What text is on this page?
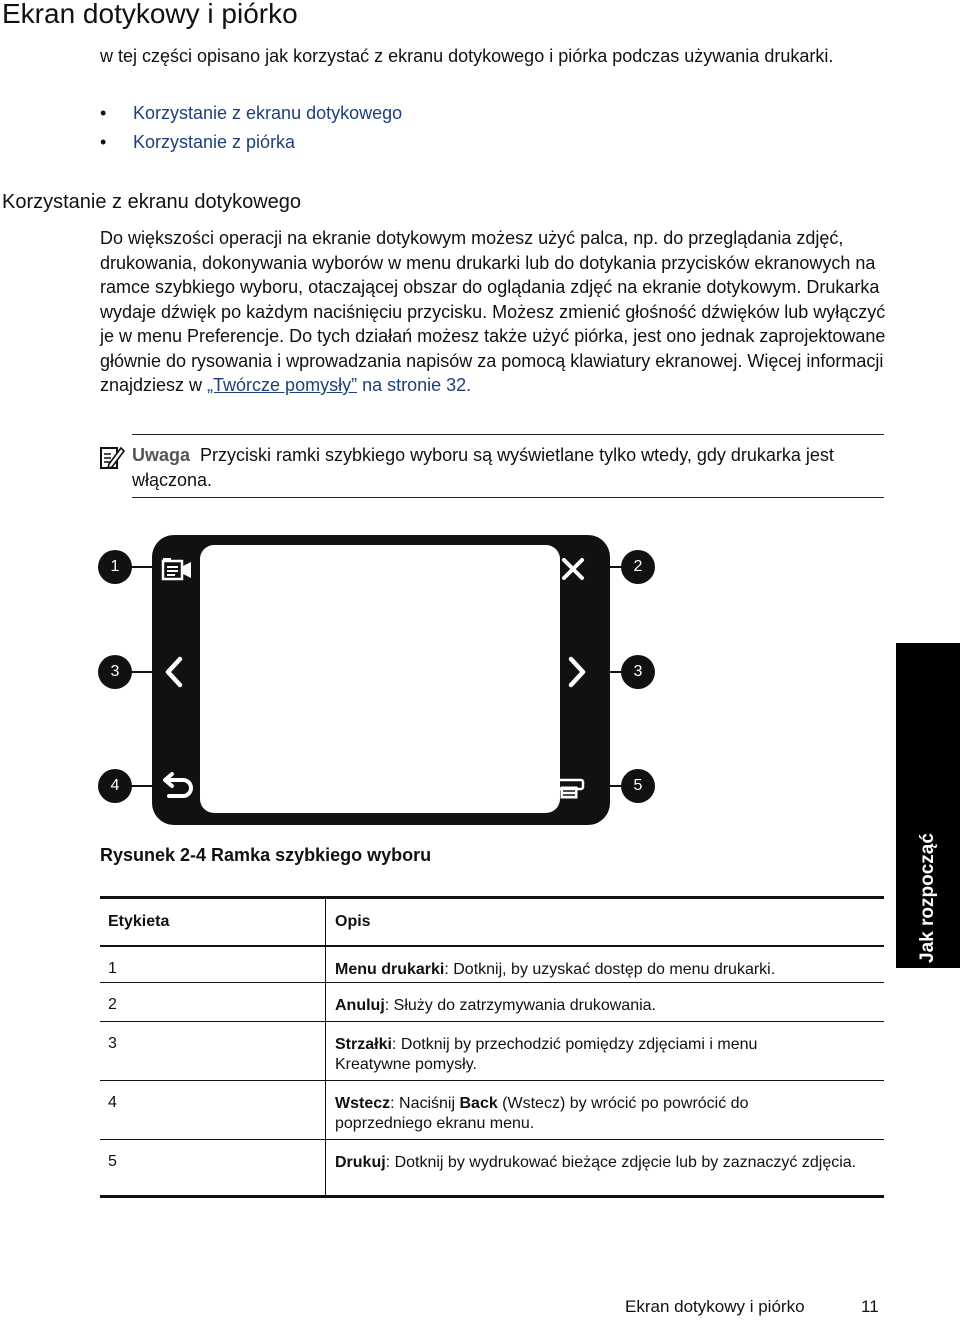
Ekran dotykowy i piórko
w tej części opisano jak korzystać z ekranu dotykowego i piórka podczas używania drukarki.
• Korzystanie z ekranu dotykowego
• Korzystanie z piórka
Korzystanie z ekranu dotykowego
Do większości operacji na ekranie dotykowym możesz użyć palca, np. do przeglądania zdjęć, drukowania, dokonywania wyborów w menu drukarki lub do dotykania przycisków ekranowych na ramce szybkiego wyboru, otaczającej obszar do oglądania zdjęć na ekranie dotykowym. Drukarka wydaje dźwięk po każdym naciśnięciu przycisku. Możesz zmienić głośność dźwięków lub wyłączyć je w menu Preferencje. Do tych działań możesz także użyć piórka, jest ono jednak zaprojektowane głównie do rysowania i wprowadzania napisów za pomocą klawiatury ekranowej. Więcej informacji znajdziesz w „Twórcze pomysły” na stronie 32.
Uwaga Przyciski ramki szybkiego wyboru są wyświetlane tylko wtedy, gdy drukarka jest włączona.
1	2
3	3
4	5
Rysunek 2-4 Ramka szybkiego wyboru
Etykieta	Opis
1	Menu drukarki: Dotknij, by uzyskać dostęp do menu drukarki.
2	Anuluj: Służy do zatrzymywania drukowania.
3	Strzałki: Dotknij by przechodzić pomiędzy zdjęciami i menu Kreatywne pomysły.
4	Wstecz: Naciśnij Back (Wstecz) by wrócić po powrócić do poprzedniego ekranu menu.
5	Drukuj: Dotknij by wydrukować bieżące zdjęcie lub by zaznaczyć zdjęcia.
Jak rozpocząć
Ekran dotykowy i piórko	11
